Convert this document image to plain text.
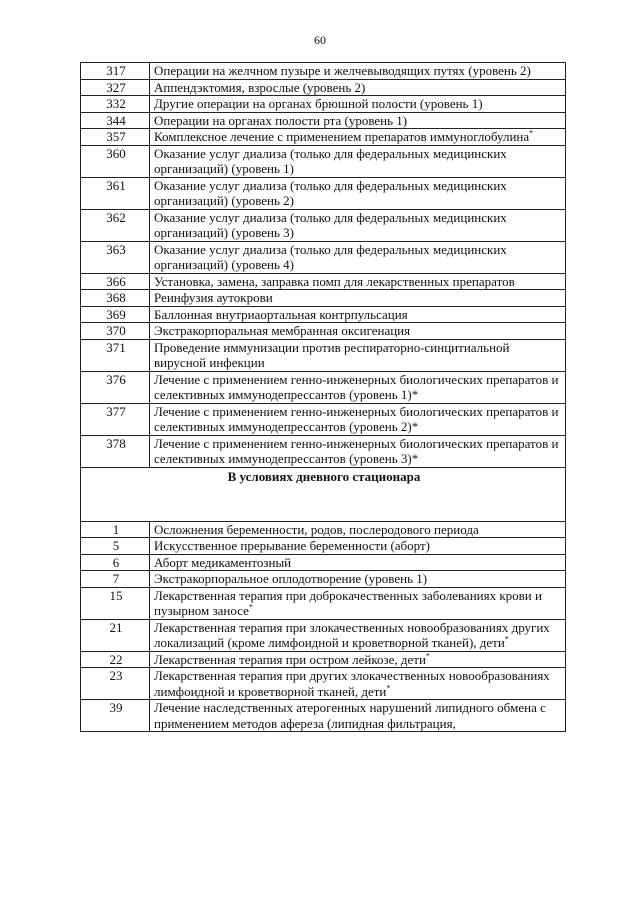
60
317	Операции на желчном пузыре и желчевыводящих путях (уровень 2)
327	Аппендэктомия, взрослые (уровень 2)
332	Другие операции на органах брюшной полости (уровень 1)
344	Операции на органах полости рта (уровень 1)
357	Комплексное лечение с применением препаратов иммуноглобулина*
360	Оказание услуг диализа (только для федеральных медицинских организаций) (уровень 1)
361	Оказание услуг диализа (только для федеральных медицинских организаций) (уровень 2)
362	Оказание услуг диализа (только для федеральных медицинских организаций) (уровень 3)
363	Оказание услуг диализа (только для федеральных медицинских организаций) (уровень 4)
366	Установка, замена, заправка помп для лекарственных препаратов
368	Реинфузия аутокрови
369	Баллонная внутриаортальная контрпульсация
370	Экстракорпоральная мембранная оксигенация
371	Проведение иммунизации против респираторно-синцитиальной вирусной инфекции
376	Лечение с применением генно-инженерных биологических препаратов и селективных иммунодепрессантов (уровень 1)*
377	Лечение с применением генно-инженерных биологических препаратов и селективных иммунодепрессантов (уровень 2)*
378	Лечение с применением генно-инженерных биологических препаратов и селективных иммунодепрессантов (уровень 3)*
В условиях дневного стационара	
1	Осложнения беременности, родов, послеродового периода
5	Искусственное прерывание беременности (аборт)
6	Аборт медикаментозный
7	Экстракорпоральное оплодотворение (уровень 1)
15	Лекарственная терапия при доброкачественных заболеваниях крови и пузырном заносе*
21	Лекарственная терапия при злокачественных новообразованиях других локализаций (кроме лимфоидной и кроветворной тканей), дети*
22	Лекарственная терапия при остром лейкозе, дети*
23	Лекарственная терапия при других злокачественных новообразованиях лимфоидной и кроветворной тканей, дети*
39	Лечение наследственных атерогенных нарушений липидного обмена с применением методов афереза (липидная фильтрация,
